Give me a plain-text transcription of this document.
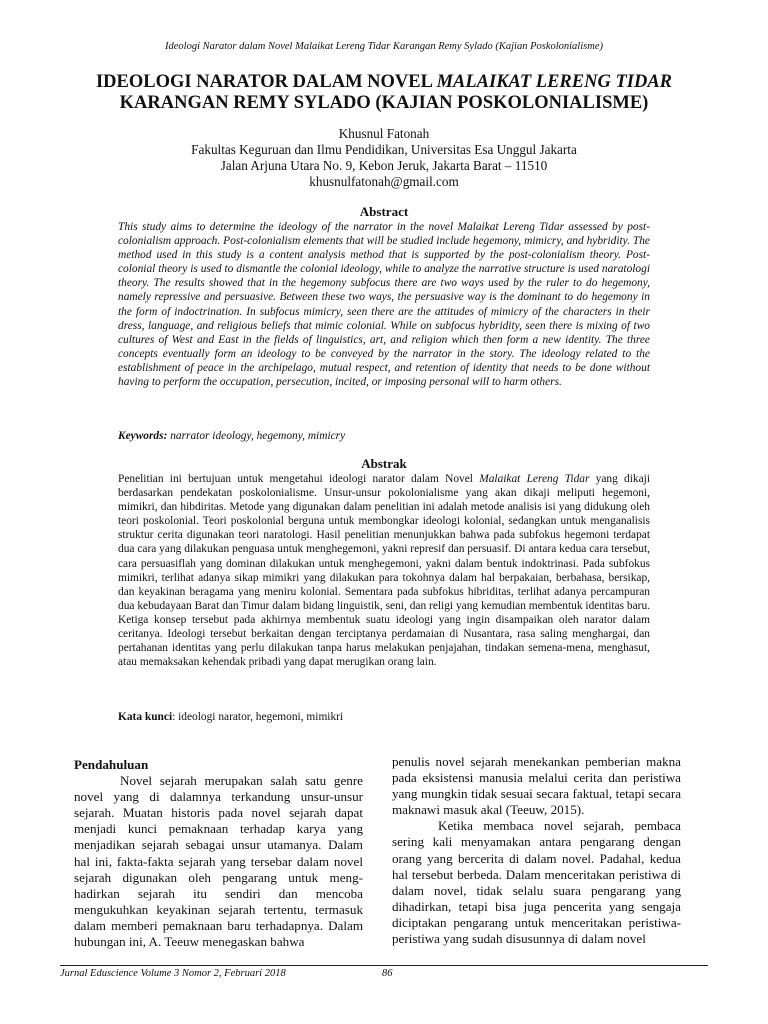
Ideologi Narator dalam Novel Malaikat Lereng Tidar Karangan Remy Sylado (Kajian Poskolonialisme)
IDEOLOGI NARATOR DALAM NOVEL MALAIKAT LERENG TIDAR
KARANGAN REMY SYLADO (KAJIAN POSKOLONIALISME)
Khusnul Fatonah
Fakultas Keguruan dan Ilmu Pendidikan, Universitas Esa Unggul Jakarta
Jalan Arjuna Utara No. 9, Kebon Jeruk, Jakarta Barat – 11510
khusnulfatonah@gmail.com
Abstract
This study aims to determine the ideology of the narrator in the novel Malaikat Lereng Tidar assessed by post-colonialism approach. Post-colonialism elements that will be studied include hegemony, mimicry, and hybridity. The method used in this study is a content analysis method that is supported by the post-colonialism theory. Post-colonial theory is used to dismantle the colonial ideology, while to analyze the narrative structure is used naratologi theory. The results showed that in the hegemony subfocus there are two ways used by the ruler to do hegemony, namely repressive and persuasive. Between these two ways, the persuasive way is the dominant to do hegemony in the form of indoctrination. In subfocus mimicry, seen there are the attitudes of mimicry of the characters in their dress, language, and religious beliefs that mimic colonial. While on subfocus hybridity, seen there is mixing of two cultures of West and East in the fields of linguistics, art, and religion which then form a new identity. The three concepts eventually form an ideology to be conveyed by the narrator in the story. The ideology related to the establishment of peace in the archipelago, mutual respect, and retention of identity that needs to be done without having to perform the occupation, persecution, incited, or imposing personal will to harm others.
Keywords: narrator ideology, hegemony, mimicry
Abstrak
Penelitian ini bertujuan untuk mengetahui ideologi narator dalam Novel Malaikat Lereng Tidar yang dikaji berdasarkan pendekatan poskolonialisme. Unsur-unsur pokolonialisme yang akan dikaji meliputi hegemoni, mimikri, dan hibdiritas. Metode yang digunakan dalam penelitian ini adalah metode analisis isi yang didukung oleh teori poskolonial. Teori poskolonial berguna untuk membongkar ideologi kolonial, sedangkan untuk menganalisis struktur cerita digunakan teori naratologi. Hasil penelitian menunjukkan bahwa pada subfokus hegemoni terdapat dua cara yang dilakukan penguasa untuk menghegemoni, yakni represif dan persuasif. Di antara kedua cara tersebut, cara persuasiflah yang dominan dilakukan untuk menghegemoni, yakni dalam bentuk indoktrinasi. Pada subfokus mimikri, terlihat adanya sikap mimikri yang dilakukan para tokohnya dalam hal berpakaian, berbahasa, bersikap, dan keyakinan beragama yang meniru kolonial. Sementara pada subfokus hibriditas, terlihat adanya percampuran dua kebudayaan Barat dan Timur dalam bidang linguistik, seni, dan religi yang kemudian membentuk identitas baru. Ketiga konsep tersebut pada akhirnya membentuk suatu ideologi yang ingin disampaikan oleh narator dalam ceritanya. Ideologi tersebut berkaitan dengan terciptanya perdamaian di Nusantara, rasa saling menghargai, dan pertahanan identitas yang perlu dilakukan tanpa harus melakukan penjajahan, tindakan semena-mena, menghasut, atau memaksakan kehendak pribadi yang dapat merugikan orang lain.
Kata kunci: ideologi narator, hegemoni, mimikri

Pendahuluan

Novel sejarah merupakan salah satu genre novel yang di dalamnya terkandung unsur-unsur sejarah. Muatan historis pada novel sejarah dapat menjadi kunci pemaknaan terhadap karya yang menjadikan sejarah sebagai unsur utamanya. Dalam hal ini, fakta-fakta sejarah yang tersebar dalam novel sejarah digunakan oleh pengarang untuk meng-hadirkan sejarah itu sendiri dan mencoba mengukuhkan keyakinan sejarah tertentu, termasuk dalam memberi pemaknaan baru terhadapnya. Dalam hubungan ini, A. Teeuw menegaskan bahwa

penulis novel sejarah menekankan pemberian makna pada eksistensi manusia melalui cerita dan peristiwa yang mungkin tidak sesuai secara faktual, tetapi secara maknawi masuk akal (Teeuw, 2015).

Ketika membaca novel sejarah, pembaca sering kali menyamakan antara pengarang dengan orang yang bercerita di dalam novel. Padahal, kedua hal tersebut berbeda. Dalam menceritakan peristiwa di dalam novel, tidak selalu suara pengarang yang dihadirkan, tetapi bisa juga pencerita yang sengaja diciptakan pengarang untuk menceritakan peristiwa-peristiwa yang sudah disusunnya di dalam novel

Jurnal Eduscience Volume 3 Nomor 2, Februari 2018	86
